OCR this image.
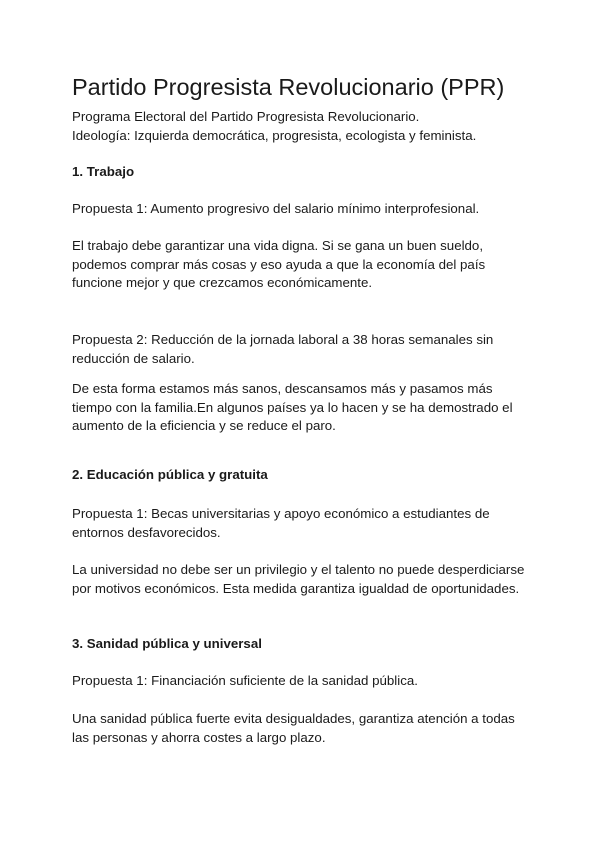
Partido Progresista Revolucionario (PPR)
Programa Electoral del Partido Progresista Revolucionario.
Ideología: Izquierda democrática, progresista, ecologista y feminista.
1. Trabajo

Propuesta 1: Aumento progresivo del salario mínimo interprofesional.

El trabajo debe garantizar una vida digna. Si se gana un buen sueldo, podemos comprar más cosas y eso ayuda a que la economía del país funcione mejor y que crezcamos económicamente.

Propuesta 2: Reducción de la jornada laboral a 38 horas semanales sin reducción de salario.

De esta forma estamos más sanos, descansamos más y pasamos más tiempo con la familia.En algunos países ya lo hacen y se ha demostrado el aumento de la eficiencia y se reduce el paro.

2. Educación pública y gratuita

Propuesta 1: Becas universitarias y apoyo económico a estudiantes de entornos desfavorecidos.

La universidad no debe ser un privilegio y el talento no puede desperdiciarse por motivos económicos. Esta medida garantiza igualdad de oportunidades.

3. Sanidad pública y universal

Propuesta 1: Financiación suficiente de la sanidad pública.

Una sanidad pública fuerte evita desigualdades, garantiza atención a todas las personas y ahorra costes a largo plazo.
